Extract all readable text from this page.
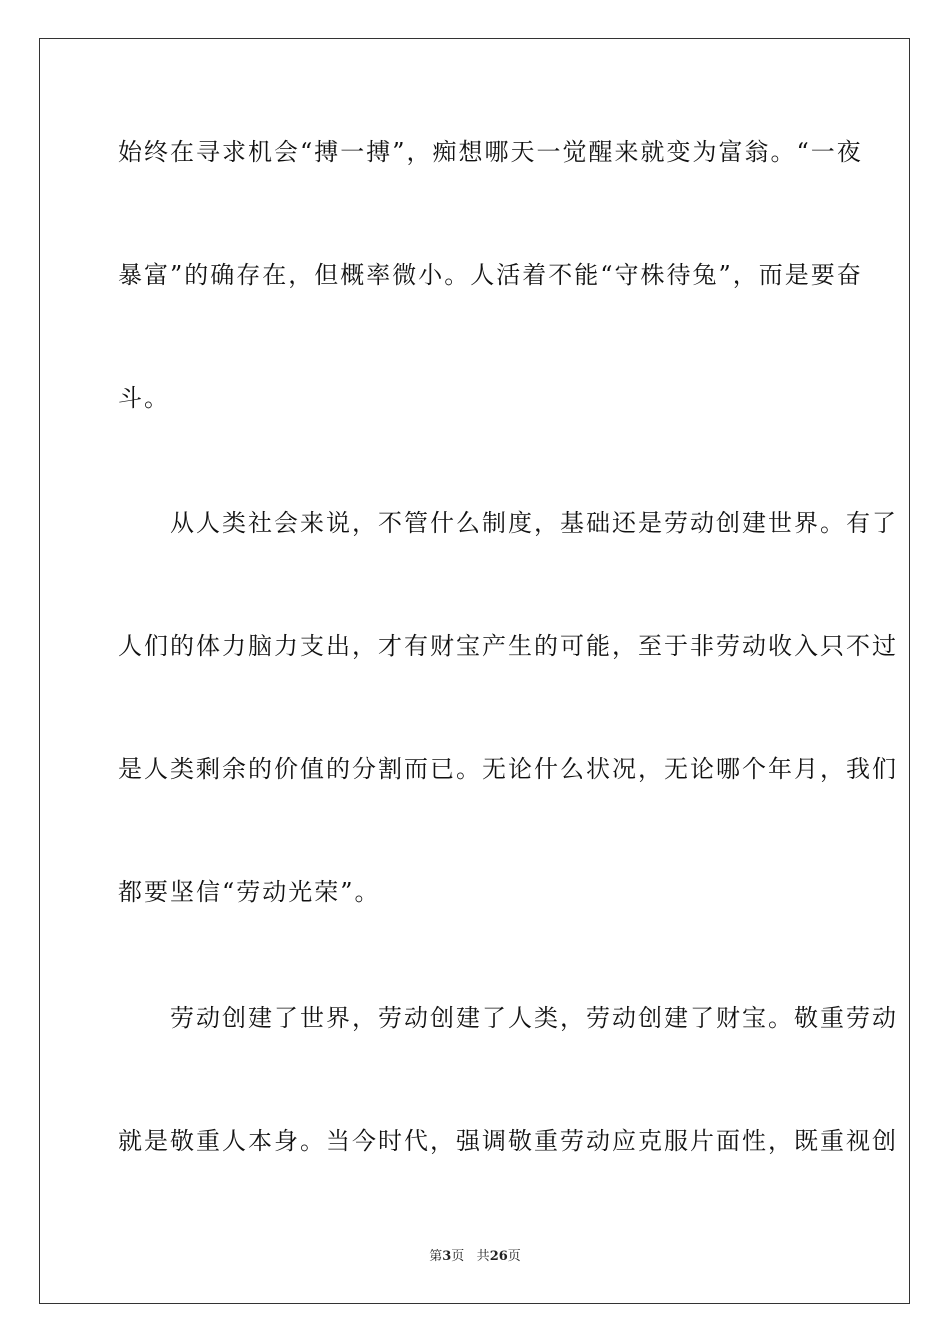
始终在寻求机会“搏一搏”，痴想哪天一觉醒来就变为富翁。“一夜
暴富”的确存在，但概率微小。人活着不能“守株待兔”，而是要奋
斗。
　　从人类社会来说，不管什么制度，基础还是劳动创建世界。有了
人们的体力脑力支出，才有财宝产生的可能，至于非劳动收入只不过
是人类剩余的价值的分割而已。无论什么状况，无论哪个年月，我们
都要坚信“劳动光荣”。
　　劳动创建了世界，劳动创建了人类，劳动创建了财宝。敬重劳动
就是敬重人本身。当今时代，强调敬重劳动应克服片面性，既重视创
第3页 共26页
